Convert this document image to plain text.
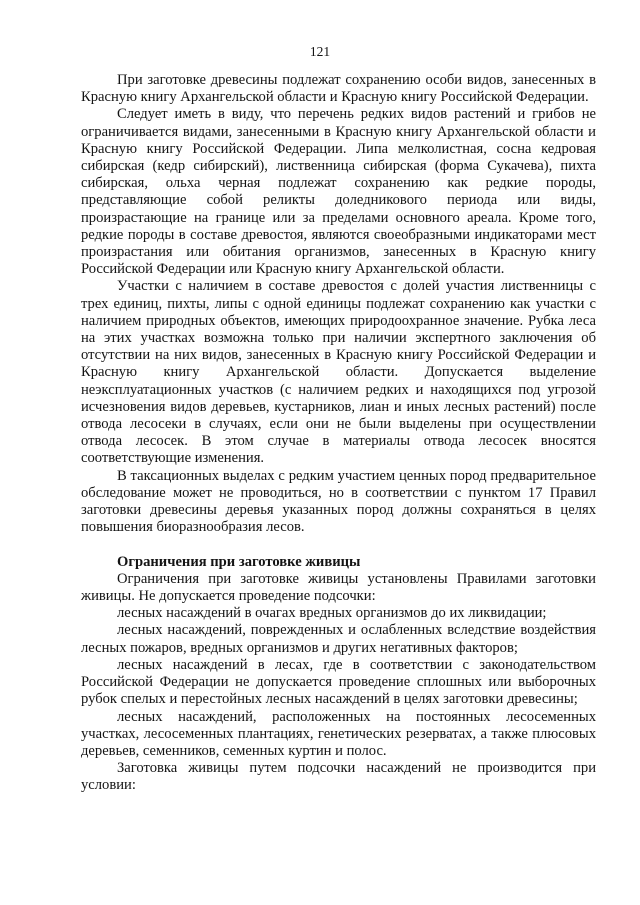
121

При заготовке древесины подлежат сохранению особи видов, занесенных в Красную книгу Архангельской области и Красную книгу Российской Федерации.

Следует иметь в виду, что перечень редких видов растений и грибов не ограничивается видами, занесенными в Красную книгу Архангельской области и Красную книгу Российской Федерации. Липа мелколистная, сосна кедровая сибирская (кедр сибирский), лиственница сибирская (форма Сукачева), пихта сибирская, ольха черная подлежат сохранению как редкие породы, представляющие собой реликты доледникового периода или виды, произрастающие на границе или за пределами основного ареала. Кроме того, редкие породы в составе древостоя, являются своеобразными индикаторами мест произрастания или обитания организмов, занесенных в Красную книгу Российской Федерации или Красную книгу Архангельской области.

Участки с наличием в составе древостоя с долей участия лиственницы с трех единиц, пихты, липы с одной единицы подлежат сохранению как участки с наличием природных объектов, имеющих природоохранное значение. Рубка леса на этих участках возможна только при наличии экспертного заключения об отсутствии на них видов, занесенных в Красную книгу Российской Федерации и Красную книгу Архангельской области. Допускается выделение неэксплуатационных участков (с наличием редких и находящихся под угрозой исчезновения видов деревьев, кустарников, лиан и иных лесных растений) после отвода лесосеки в случаях, если они не были выделены при осуществлении отвода лесосек. В этом случае в материалы отвода лесосек вносятся соответствующие изменения.

В таксационных выделах с редким участием ценных пород предварительное обследование может не проводиться, но в соответствии с пунктом 17 Правил заготовки древесины деревья указанных пород должны сохраняться в целях повышения биоразнообразия лесов.

Ограничения при заготовке живицы

Ограничения при заготовке живицы установлены Правилами заготовки живицы. Не допускается проведение подсочки:

лесных насаждений в очагах вредных организмов до их ликвидации;

лесных насаждений, поврежденных и ослабленных вследствие воздействия лесных пожаров, вредных организмов и других негативных факторов;

лесных насаждений в лесах, где в соответствии с законодательством Российской Федерации не допускается проведение сплошных или выборочных рубок спелых и перестойных лесных насаждений в целях заготовки древесины;

лесных насаждений, расположенных на постоянных лесосеменных участках, лесосеменных плантациях, генетических резерватах, а также плюсовых деревьев, семенников, семенных куртин и полос.

Заготовка живицы путем подсочки насаждений не производится при условии:
